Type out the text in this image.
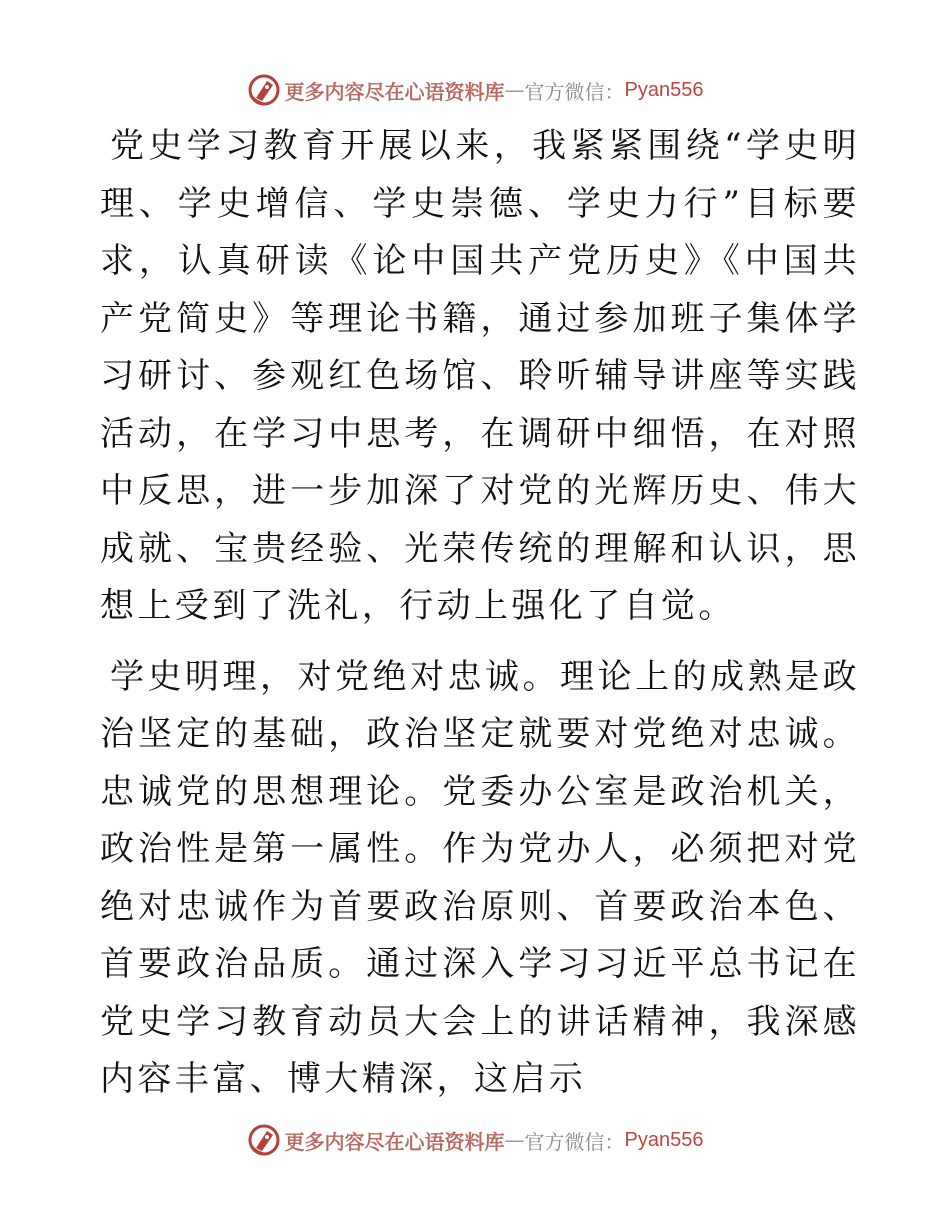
更多内容尽在心语资料库 — 官方微信： Pyan556

党史学习教育开展以来，我紧紧围绕“学史明理、学史增信、学史崇德、学史力行”目标要求，认真研读《论中国共产党历史》《中国共产党简史》等理论书籍，通过参加班子集体学习研讨、参观红色场馆、聆听辅导讲座等实践活动，在学习中思考，在调研中细悟，在对照中反思，进一步加深了对党的光辉历史、伟大成就、宝贵经验、光荣传统的理解和认识，思想上受到了洗礼，行动上强化了自觉。

学史明理，对党绝对忠诚。理论上的成熟是政治坚定的基础，政治坚定就要对党绝对忠诚。忠诚党的思想理论。党委办公室是政治机关，政治性是第一属性。作为党办人，必须把对党绝对忠诚作为首要政治原则、首要政治本色、首要政治品质。通过深入学习习近平总书记在党史学习教育动员大会上的讲话精神，我深感内容丰富、博大精深，这启示

更多内容尽在心语资料库 — 官方微信： Pyan556
